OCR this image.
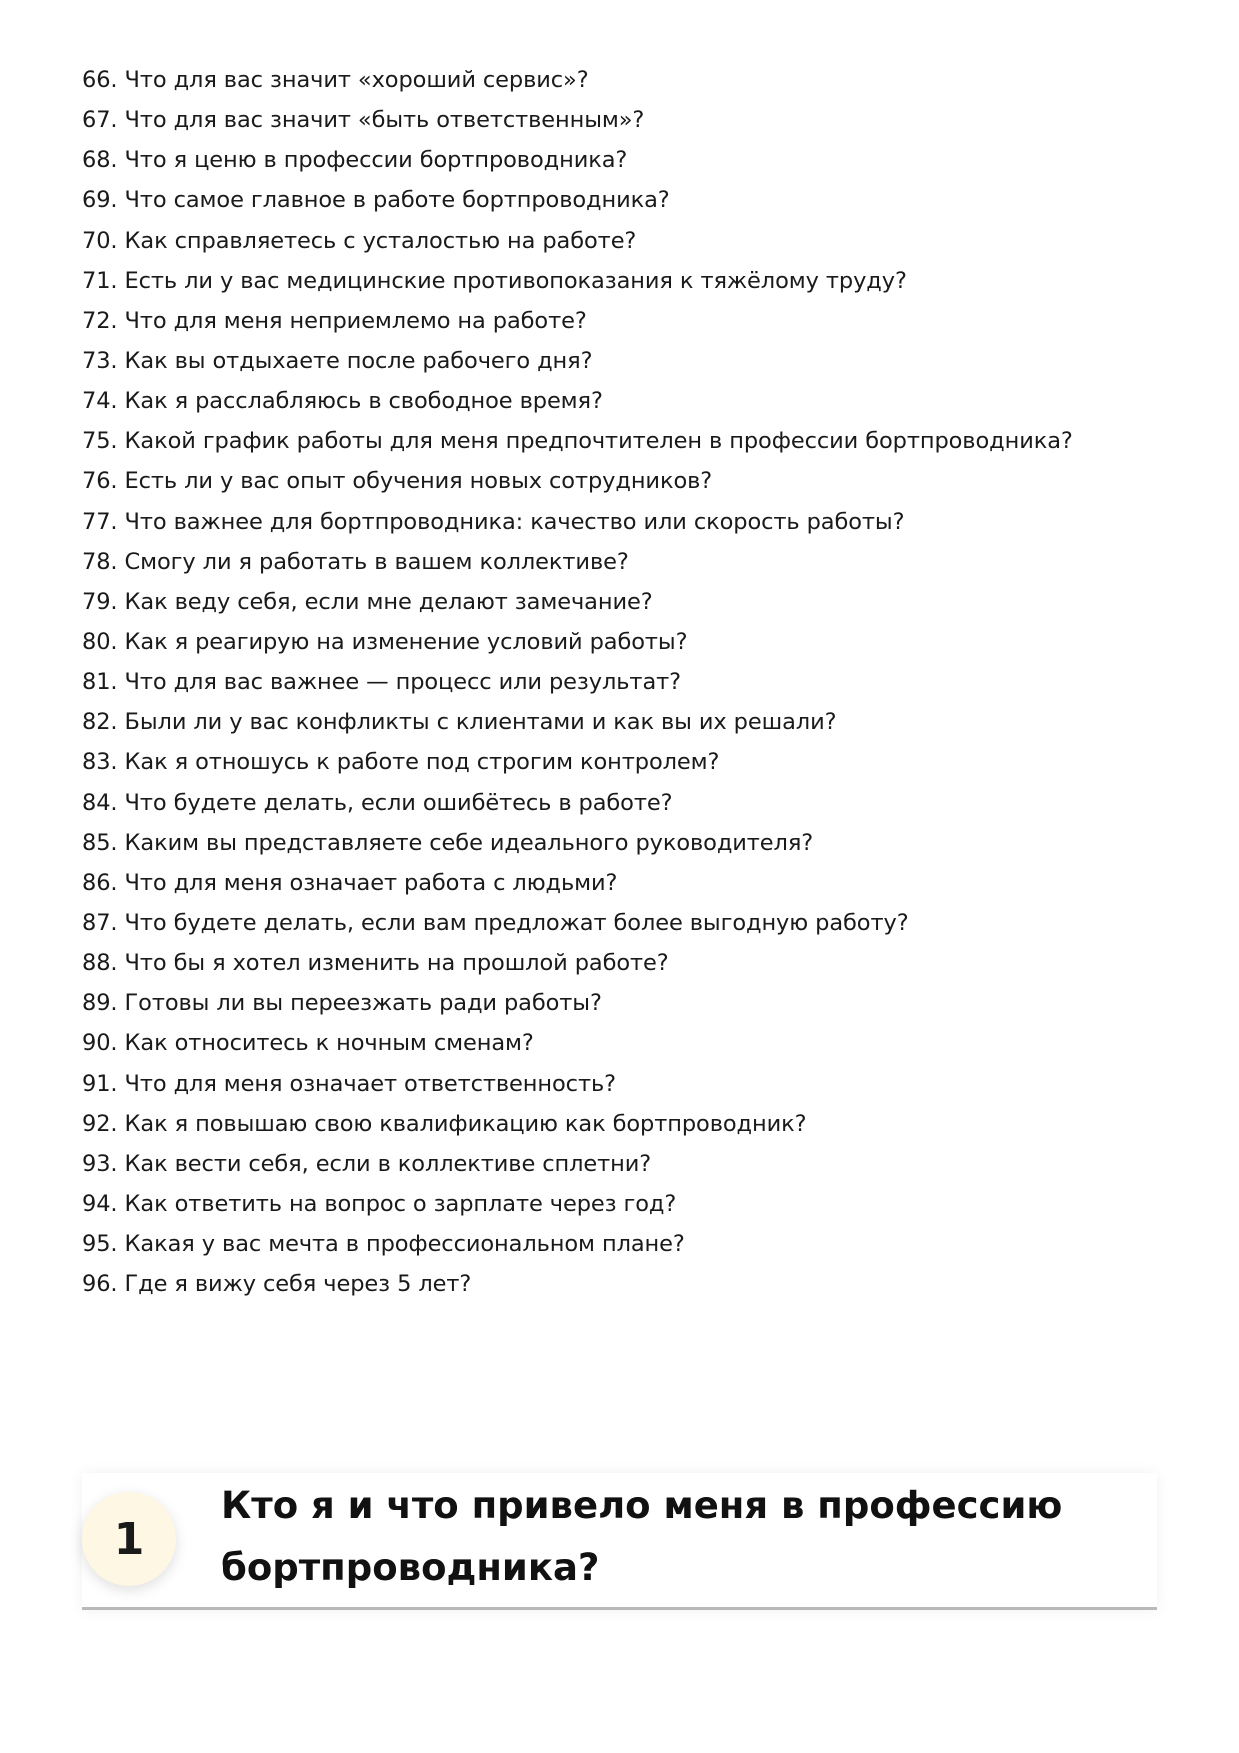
66. Что для вас значит «хороший сервис»?
67. Что для вас значит «быть ответственным»?
68. Что я ценю в профессии бортпроводника?
69. Что самое главное в работе бортпроводника?
70. Как справляетесь с усталостью на работе?
71. Есть ли у вас медицинские противопоказания к тяжёлому труду?
72. Что для меня неприемлемо на работе?
73. Как вы отдыхаете после рабочего дня?
74. Как я расслабляюсь в свободное время?
75. Какой график работы для меня предпочтителен в профессии бортпроводника?
76. Есть ли у вас опыт обучения новых сотрудников?
77. Что важнее для бортпроводника: качество или скорость работы?
78. Смогу ли я работать в вашем коллективе?
79. Как веду себя, если мне делают замечание?
80. Как я реагирую на изменение условий работы?
81. Что для вас важнее — процесс или результат?
82. Были ли у вас конфликты с клиентами и как вы их решали?
83. Как я отношусь к работе под строгим контролем?
84. Что будете делать, если ошибётесь в работе?
85. Каким вы представляете себе идеального руководителя?
86. Что для меня означает работа с людьми?
87. Что будете делать, если вам предложат более выгодную работу?
88. Что бы я хотел изменить на прошлой работе?
89. Готовы ли вы переезжать ради работы?
90. Как относитесь к ночным сменам?
91. Что для меня означает ответственность?
92. Как я повышаю свою квалификацию как бортпроводник?
93. Как вести себя, если в коллективе сплетни?
94. Как ответить на вопрос о зарплате через год?
95. Какая у вас мечта в профессиональном плане?
96. Где я вижу себя через 5 лет?
1
Кто я и что привело меня в профессию бортпроводника?
